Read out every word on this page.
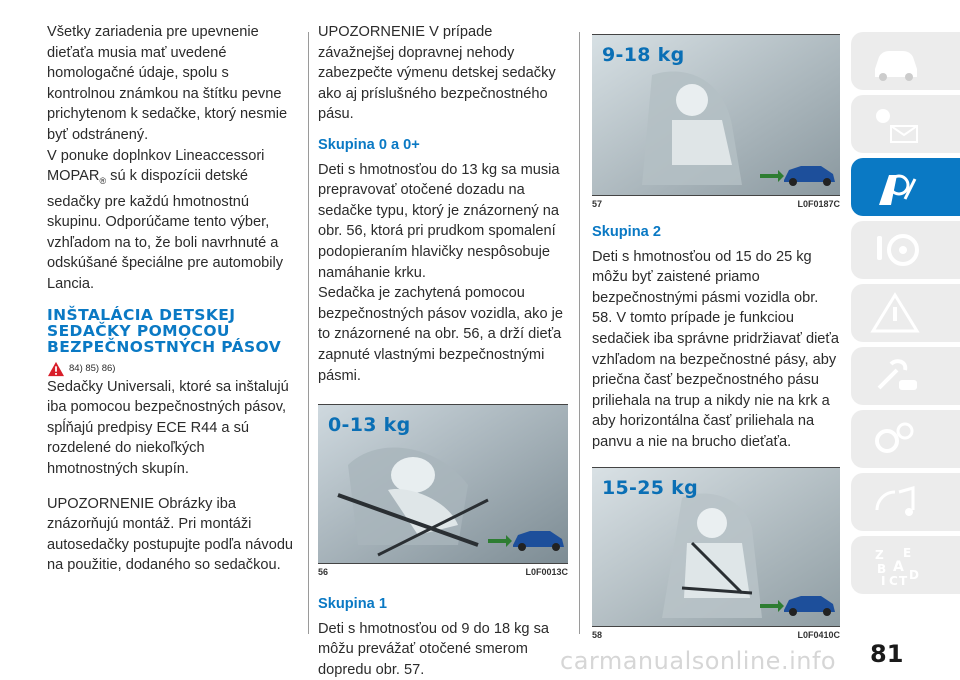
Všetky zariadenia pre upevnenie dieťaťa musia mať uvedené homologačné údaje, spolu s kontrolnou známkou na štítku pevne prichytenom k sedačke, ktorý nesmie byť odstránený.

V ponuke doplnkov Lineaccessori $MOPAR_®$ sú k dispozícii detské sedačky pre každú hmotnostnú skupinu. Odporúčame tento výber, vzhľadom na to, že boli navrhnuté a odskúšané špeciálne pre automobily Lancia.

INŠTALÁCIA DETSKEJ SEDAČKY POMOCOU BEZPEČNOSTNÝCH PÁSOV
84) 85) 86)

Sedačky Universali, ktoré sa inštalujú iba pomocou bezpečnostných pásov, spĺňajú predpisy ECE R44 a sú rozdelené do niekoľkých hmotnostných skupín.

UPOZORNENIE Obrázky iba znázorňujú montáž. Pri montáži autosedačky postupujte podľa návodu na použitie, dodaného so sedačkou.

UPOZORNENIE V prípade závažnejšej dopravnej nehody zabezpečte výmenu detskej sedačky ako aj príslušného bezpečnostného pásu.

Skupina 0 a 0+

Deti s hmotnosťou do 13 kg sa musia prepravovať otočené dozadu na sedačke typu, ktorý je znázornený na obr. 56, ktorá pri prudkom spomalení podopieraním hlavičky nespôsobuje namáhanie krku.

Sedačka je zachytená pomocou bezpečnostných pásov vozidla, ako je to znázornené na obr. 56, a drží dieťa zapnuté vlastnými bezpečnostnými pásmi.

0-13 kg
56	L0F0013C

Skupina 1

Deti s hmotnosťou od 9 do 18 kg sa môžu prevážať otočené smerom dopredu obr. 57.

9-18 kg
57	L0F0187C

Skupina 2

Deti s hmotnosťou od 15 do 25 kg môžu byť zaistené priamo bezpečnostnými pásmi vozidla obr. 58. V tomto prípade je funkciou sedačiek iba správne pridržiavať dieťa vzhľadom na bezpečnostné pásy, aby priečna časť bezpečnostného pásu priliehala na trup a nikdy nie na krk a aby horizontálna časť priliehala na panvu a nie na brucho dieťaťa.

15-25 kg
58	L0F0410C
Z E
B A
I C T D
carmanualsonline.info 81
